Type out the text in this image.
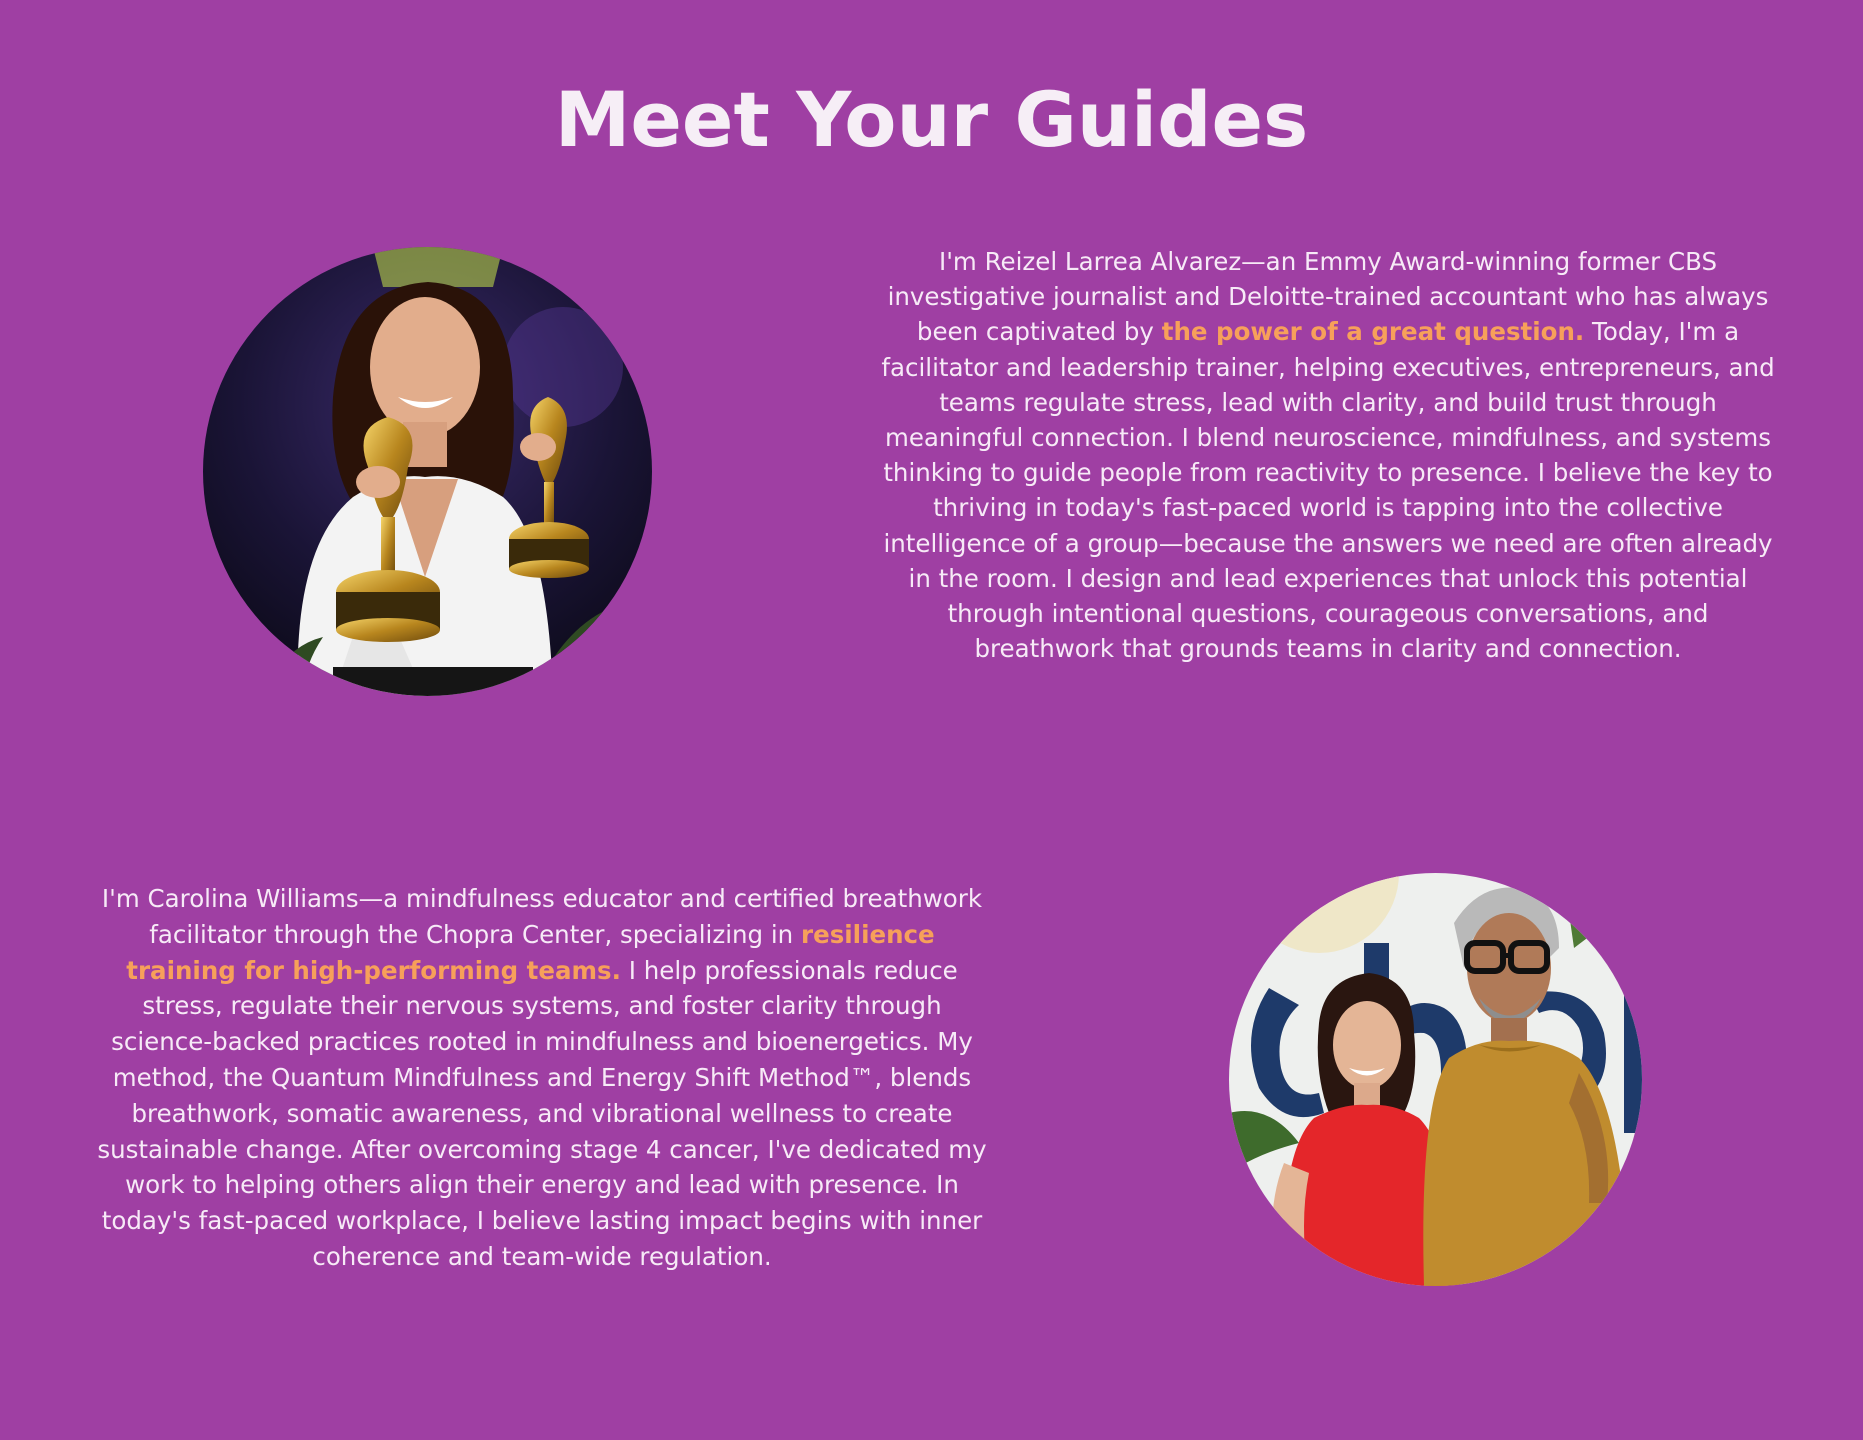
Meet Your Guides

I'm Reizel Larrea Alvarez—an Emmy Award-winning former CBS investigative journalist and Deloitte-trained accountant who has always been captivated by the power of a great question. Today, I'm a facilitator and leadership trainer, helping executives, entrepreneurs, and teams regulate stress, lead with clarity, and build trust through meaningful connection. I blend neuroscience, mindfulness, and systems thinking to guide people from reactivity to presence. I believe the key to thriving in today's fast-paced world is tapping into the collective intelligence of a group—because the answers we need are often already in the room. I design and lead experiences that unlock this potential through intentional questions, courageous conversations, and breathwork that grounds teams in clarity and connection.

I'm Carolina Williams—a mindfulness educator and certified breathwork facilitator through the Chopra Center, specializing in resilience training for high-performing teams. I help professionals reduce stress, regulate their nervous systems, and foster clarity through science-backed practices rooted in mindfulness and bioenergetics. My method, the Quantum Mindfulness and Energy Shift Method™, blends breathwork, somatic awareness, and vibrational wellness to create sustainable change. After overcoming stage 4 cancer, I've dedicated my work to helping others align their energy and lead with presence. In today's fast-paced workplace, I believe lasting impact begins with inner coherence and team-wide regulation.
